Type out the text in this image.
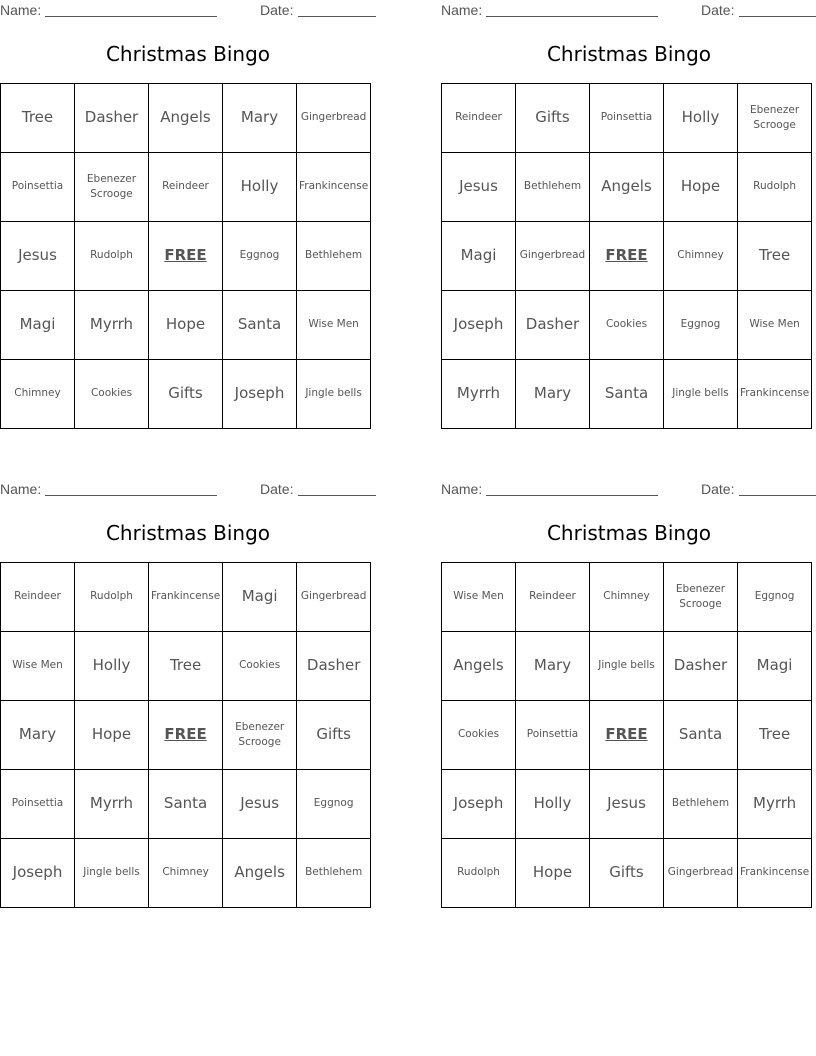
Name:	Date:
Christmas Bingo
Tree	Dasher	Angels	Mary	Gingerbread
Poinsettia	Ebenezer Scrooge	Reindeer	Holly	Frankincense
Jesus	Rudolph	FREE	Eggnog	Bethlehem
Magi	Myrrh	Hope	Santa	Wise Men
Chimney	Cookies	Gifts	Joseph	Jingle bells
Name:	Date:
Christmas Bingo
Reindeer	Gifts	Poinsettia	Holly	Ebenezer Scrooge
Jesus	Bethlehem	Angels	Hope	Rudolph
Magi	Gingerbread	FREE	Chimney	Tree
Joseph	Dasher	Cookies	Eggnog	Wise Men
Myrrh	Mary	Santa	Jingle bells	Frankincense
Name:	Date:
Christmas Bingo
Reindeer	Rudolph	Frankincense	Magi	Gingerbread
Wise Men	Holly	Tree	Cookies	Dasher
Mary	Hope	FREE	Ebenezer Scrooge	Gifts
Poinsettia	Myrrh	Santa	Jesus	Eggnog
Joseph	Jingle bells	Chimney	Angels	Bethlehem
Name:	Date:
Christmas Bingo
Wise Men	Reindeer	Chimney	Ebenezer Scrooge	Eggnog
Angels	Mary	Jingle bells	Dasher	Magi
Cookies	Poinsettia	FREE	Santa	Tree
Joseph	Holly	Jesus	Bethlehem	Myrrh
Rudolph	Hope	Gifts	Gingerbread	Frankincense
